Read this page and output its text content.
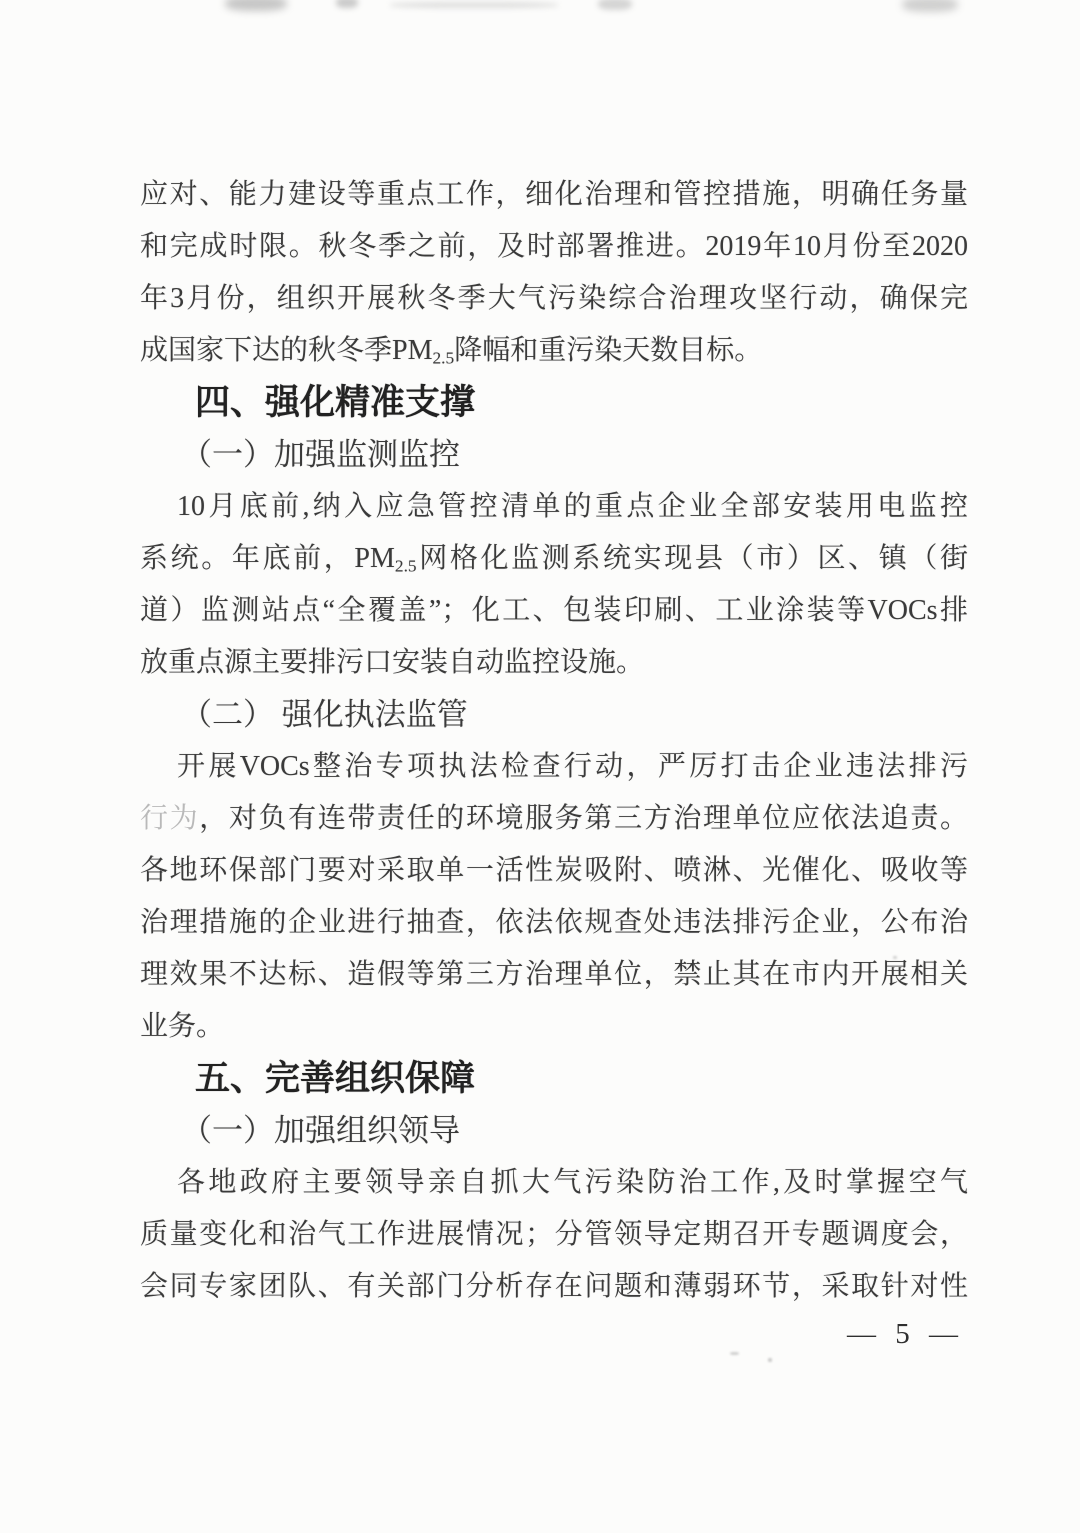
应对、能力建设等重点工作，细化治理和管控措施，明确任务量
和完成时限。秋冬季之前，及时部署推进。2019年10月份至2020
年3月份，组织开展秋冬季大气污染综合治理攻坚行动，确保完
成国家下达的秋冬季$PM_{2.5}$降幅和重污染天数目标。
四、强化精准支撑
（一）加强监测监控
10月底前,纳入应急管控清单的重点企业全部安装用电监控
系统。年底前，$PM_{2.5}$网格化监测系统实现县（市）区、镇（街
道）监测站点“全覆盖”；化工、包装印刷、工业涂装等VOCs排
放重点源主要排污口安装自动监控设施。
（二） 强化执法监管
开展VOCs整治专项执法检查行动，严厉打击企业违法排污
行为，对负有连带责任的环境服务第三方治理单位应依法追责。
各地环保部门要对采取单一活性炭吸附、喷淋、光催化、吸收等
治理措施的企业进行抽查，依法依规查处违法排污企业，公布治
理效果不达标、造假等第三方治理单位，禁止其在市内开展相关
业务。
五、完善组织保障
（一）加强组织领导
各地政府主要领导亲自抓大气污染防治工作,及时掌握空气
质量变化和治气工作进展情况；分管领导定期召开专题调度会，
会同专家团队、有关部门分析存在问题和薄弱环节，采取针对性
— 5 —
